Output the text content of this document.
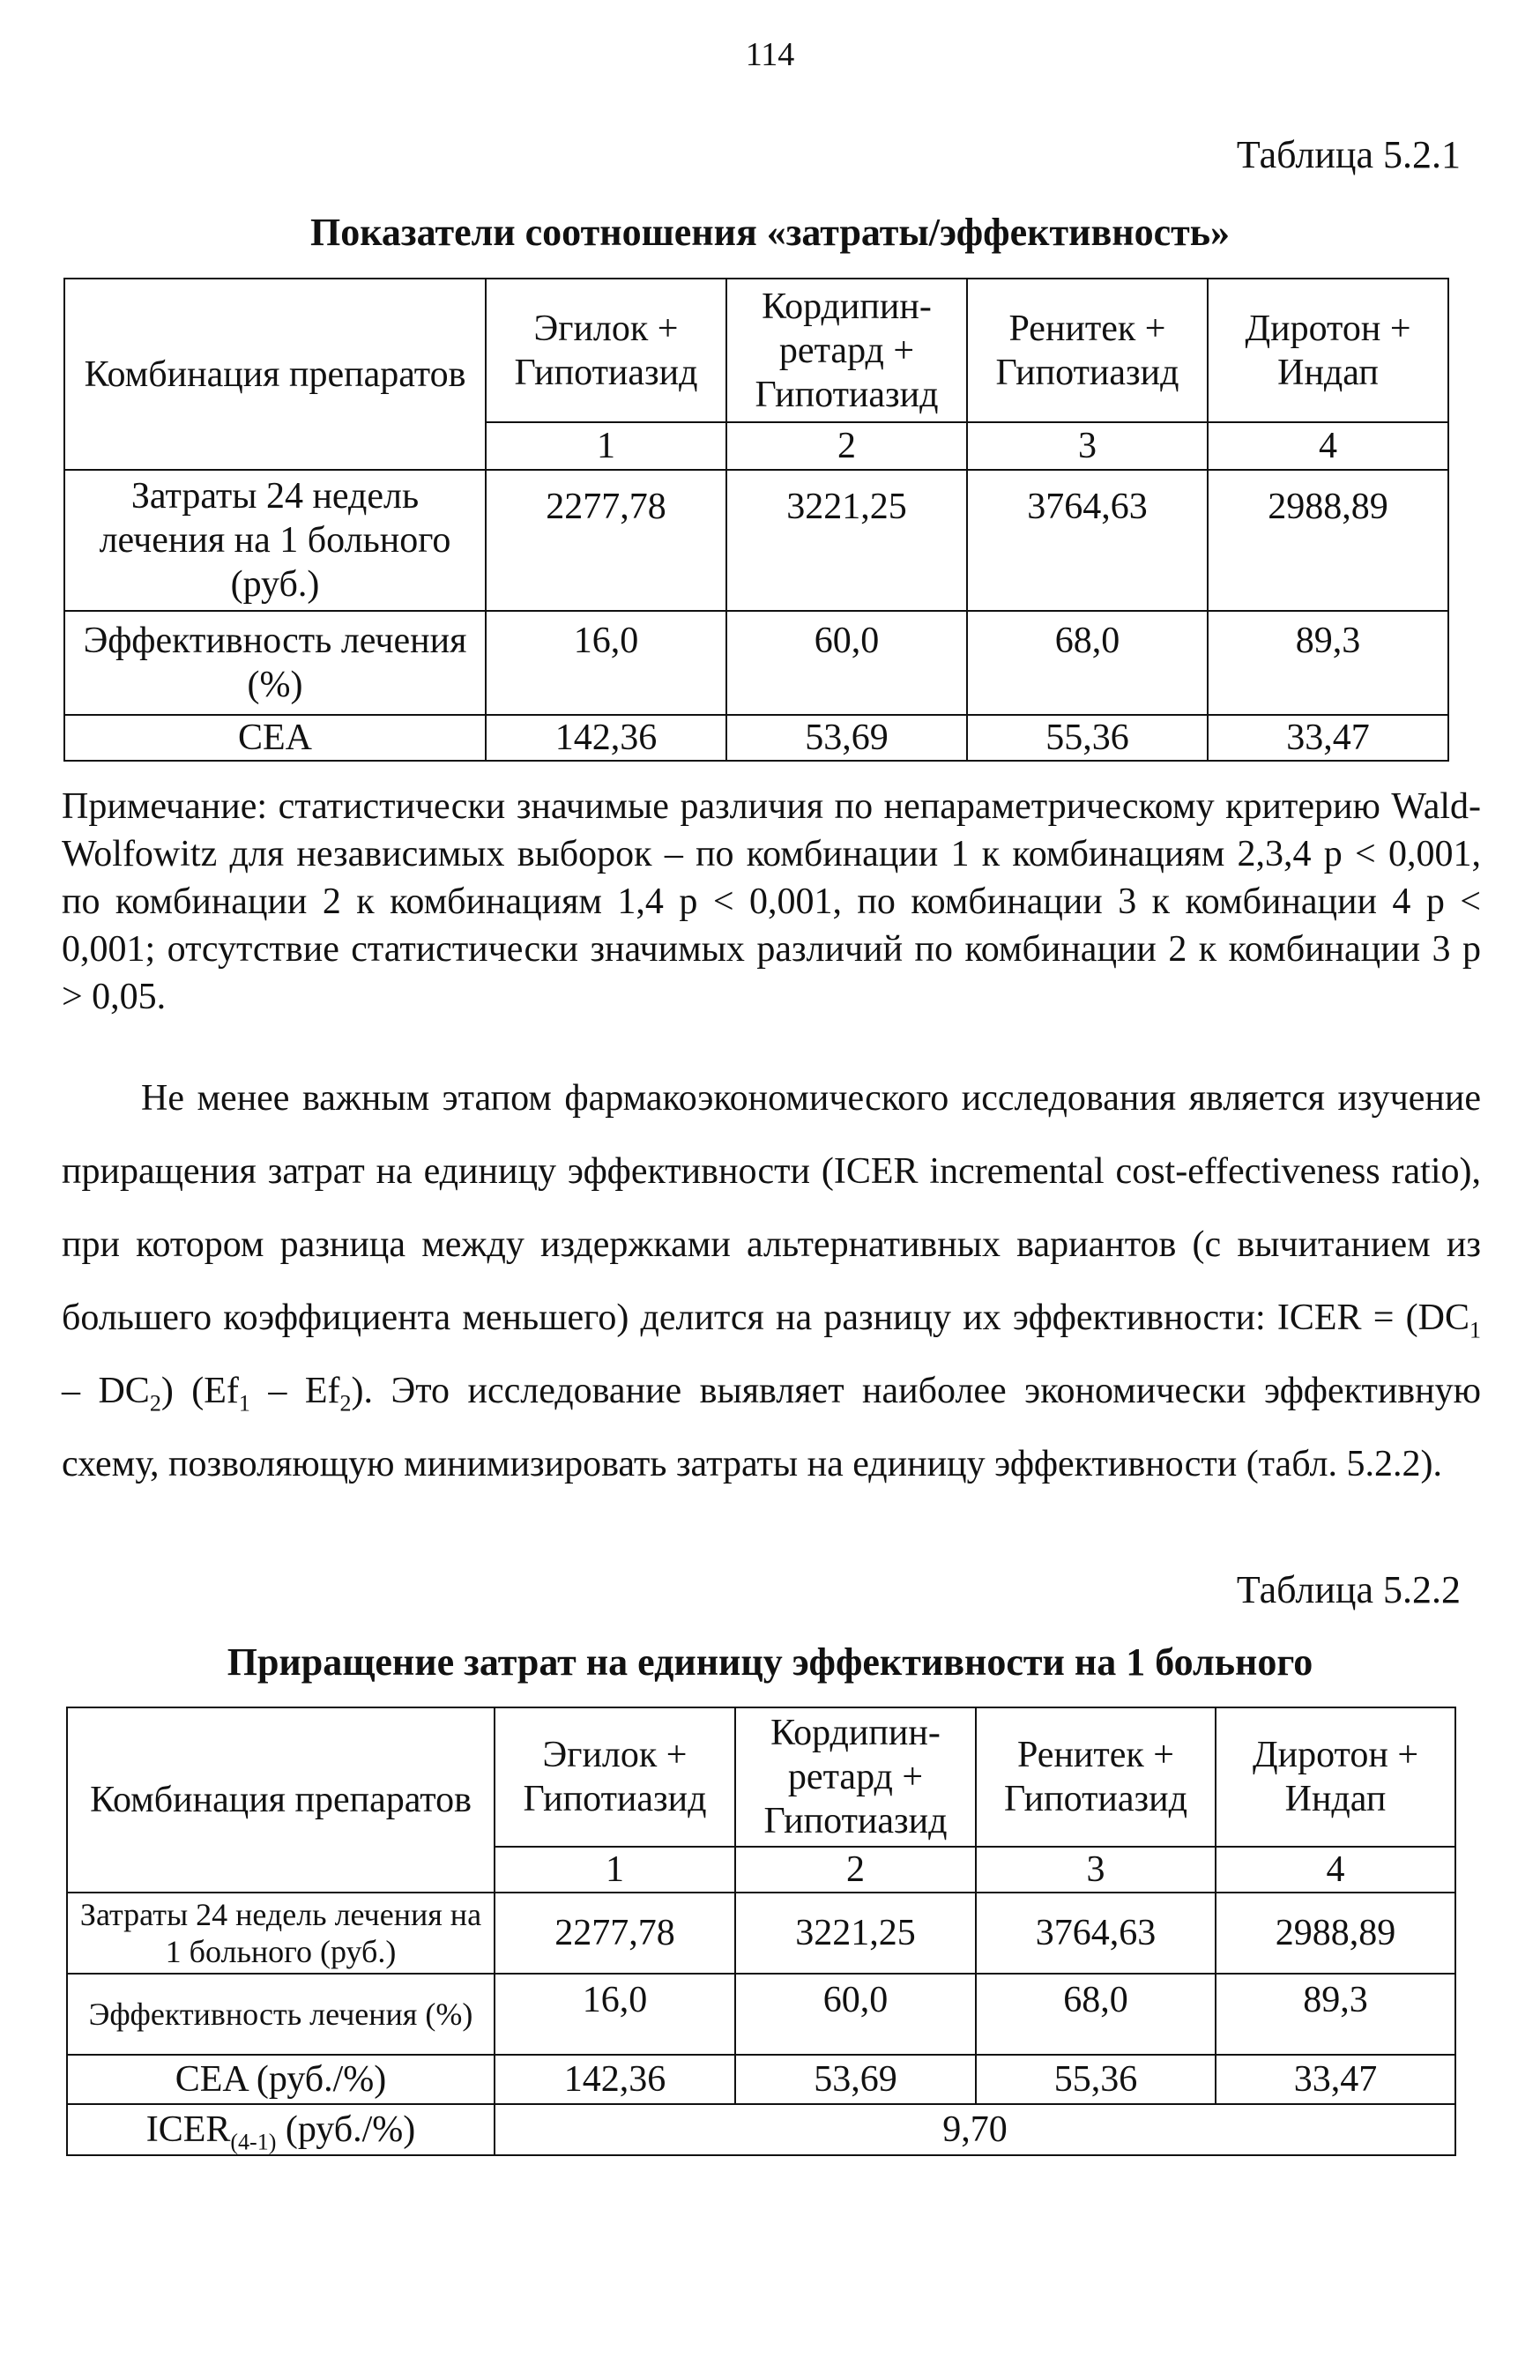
114
Таблица 5.2.1
Показатели соотношения «затраты/эффективность»
Комбинация препаратов	Эгилок + Гипотиазид	Кордипин-ретард + Гипотиазид	Ренитек + Гипотиазид	Диротон + Индап
	1	2	3	4
Затраты 24 недель лечения на 1 больного (руб.)	2277,78	3221,25	3764,63	2988,89
Эффективность лечения (%)	16,0	60,0	68,0	89,3
CEA	142,36	53,69	55,36	33,47
Примечание: статистически значимые различия по непараметрическому критерию Wald-Wolfowitz для независимых выборок – по комбинации 1 к комбинациям 2,3,4 p < 0,001, по комбинации 2 к комбинациям 1,4 p < 0,001, по комбинации 3 к комбинации 4 p < 0,001; отсутствие статистически значимых различий по комбинации 2 к комбинации 3 p > 0,05.
Не менее важным этапом фармакоэкономического исследования является изучение приращения затрат на единицу эффективности (ICER incremental cost-effectiveness ratio), при котором разница между издержками альтернативных вариантов (с вычитанием из большего коэффициента меньшего) делится на разницу их эффективности: ICER = $(DC_1 - DC_2)$ $(Ef_1 - Ef_2)$. Это исследование выявляет наиболее экономически эффективную схему, позволяющую минимизировать затраты на единицу эффективности (табл. 5.2.2).
Таблица 5.2.2
Приращение затрат на единицу эффективности на 1 больного
Комбинация препаратов	Эгилок + Гипотиазид	Кордипин-ретард + Гипотиазид	Ренитек + Гипотиазид	Диротон + Индап
	1	2	3	4
Затраты 24 недель лечения на 1 больного (руб.)	2277,78	3221,25	3764,63	2988,89
Эффективность лечения (%)	16,0	60,0	68,0	89,3
CEA (руб./%)	142,36	53,69	55,36	33,47
$ICER_{(4-1)}$ (руб./%)	9,70			
